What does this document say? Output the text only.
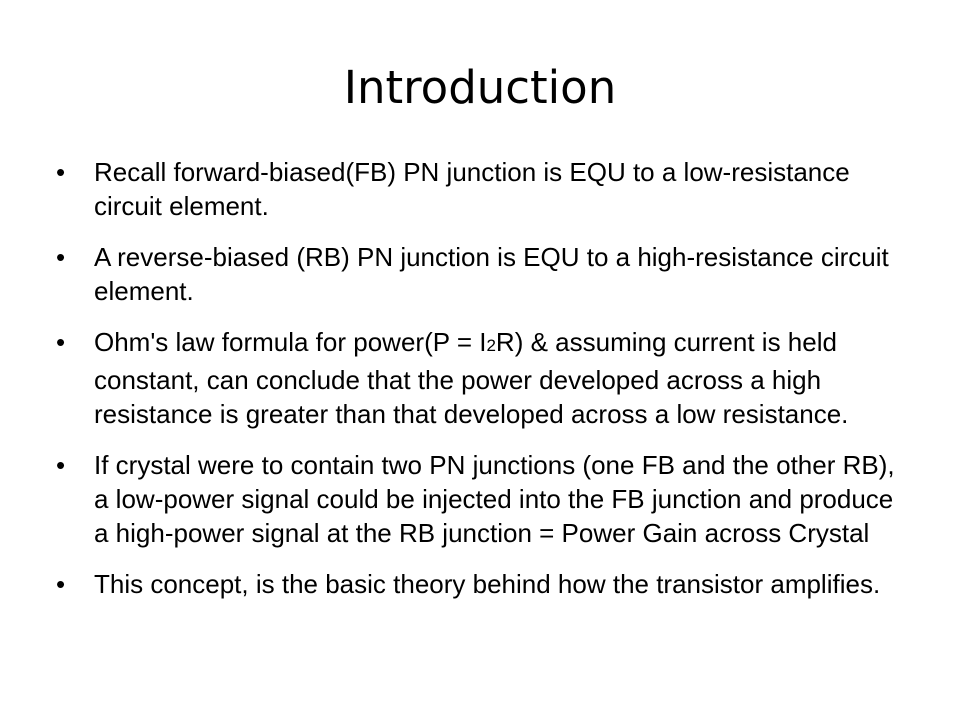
Introduction
•	Recall forward-biased(FB) PN junction is EQU to a low-resistance circuit element.
•	A reverse-biased (RB) PN junction is EQU to a high-resistance circuit element.
•	Ohm's law formula for power(P = I2R) & assuming current is held constant, can conclude that the power developed across a high resistance is greater than that developed across a low resistance.
•	If crystal were to contain two PN junctions (one FB and the other RB), a low-power signal could be injected into the FB junction and produce a high-power signal at the RB junction = Power Gain across Crystal
•	This concept, is the basic theory behind how the transistor amplifies.
